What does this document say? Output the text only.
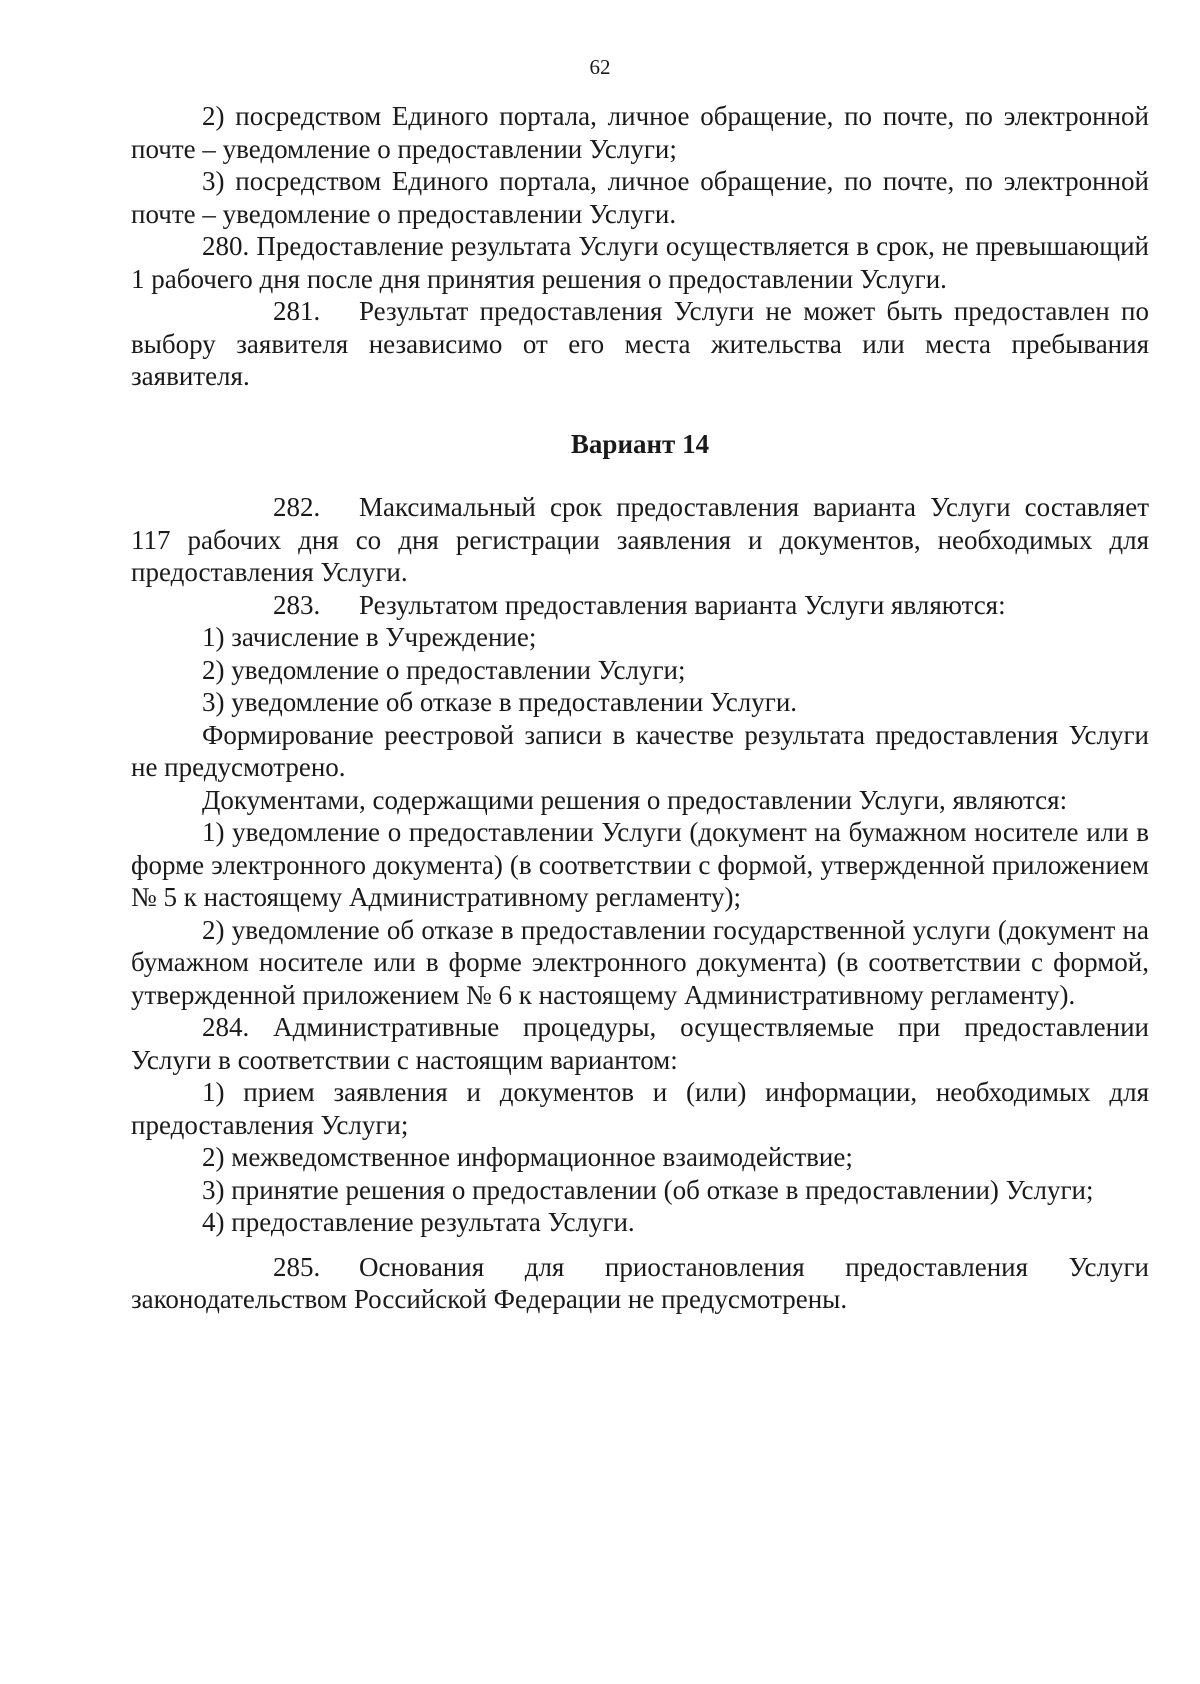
62

2) посредством Единого портала, личное обращение, по почте, по электронной почте – уведомление о предоставлении Услуги;

3) посредством Единого портала, личное обращение, по почте, по электронной почте – уведомление о предоставлении Услуги.

280. Предоставление результата Услуги осуществляется в срок, не превышающий 1 рабочего дня после дня принятия решения о предоставлении Услуги.

281. Результат предоставления Услуги не может быть предоставлен по выбору заявителя независимо от его места жительства или места пребывания заявителя.

Вариант 14

282. Максимальный срок предоставления варианта Услуги составляет 117 рабочих дня со дня регистрации заявления и документов, необходимых для предоставления Услуги.

283. Результатом предоставления варианта Услуги являются:

1) зачисление в Учреждение;

2) уведомление о предоставлении Услуги;

3) уведомление об отказе в предоставлении Услуги.

Формирование реестровой записи в качестве результата предоставления Услуги не предусмотрено.

Документами, содержащими решения о предоставлении Услуги, являются:

1) уведомление о предоставлении Услуги (документ на бумажном носителе или в форме электронного документа) (в соответствии с формой, утвержденной приложением № 5 к настоящему Административному регламенту);

2) уведомление об отказе в предоставлении государственной услуги (документ на бумажном носителе или в форме электронного документа) (в соответствии с формой, утвержденной приложением № 6 к настоящему Административному регламенту).

284. Административные процедуры, осуществляемые при предоставлении Услуги в соответствии с настоящим вариантом:

1) прием заявления и документов и (или) информации, необходимых для предоставления Услуги;

2) межведомственное информационное взаимодействие;

3) принятие решения о предоставлении (об отказе в предоставлении) Услуги;

4) предоставление результата Услуги.

285. Основания для приостановления предоставления Услуги законодательством Российской Федерации не предусмотрены.
